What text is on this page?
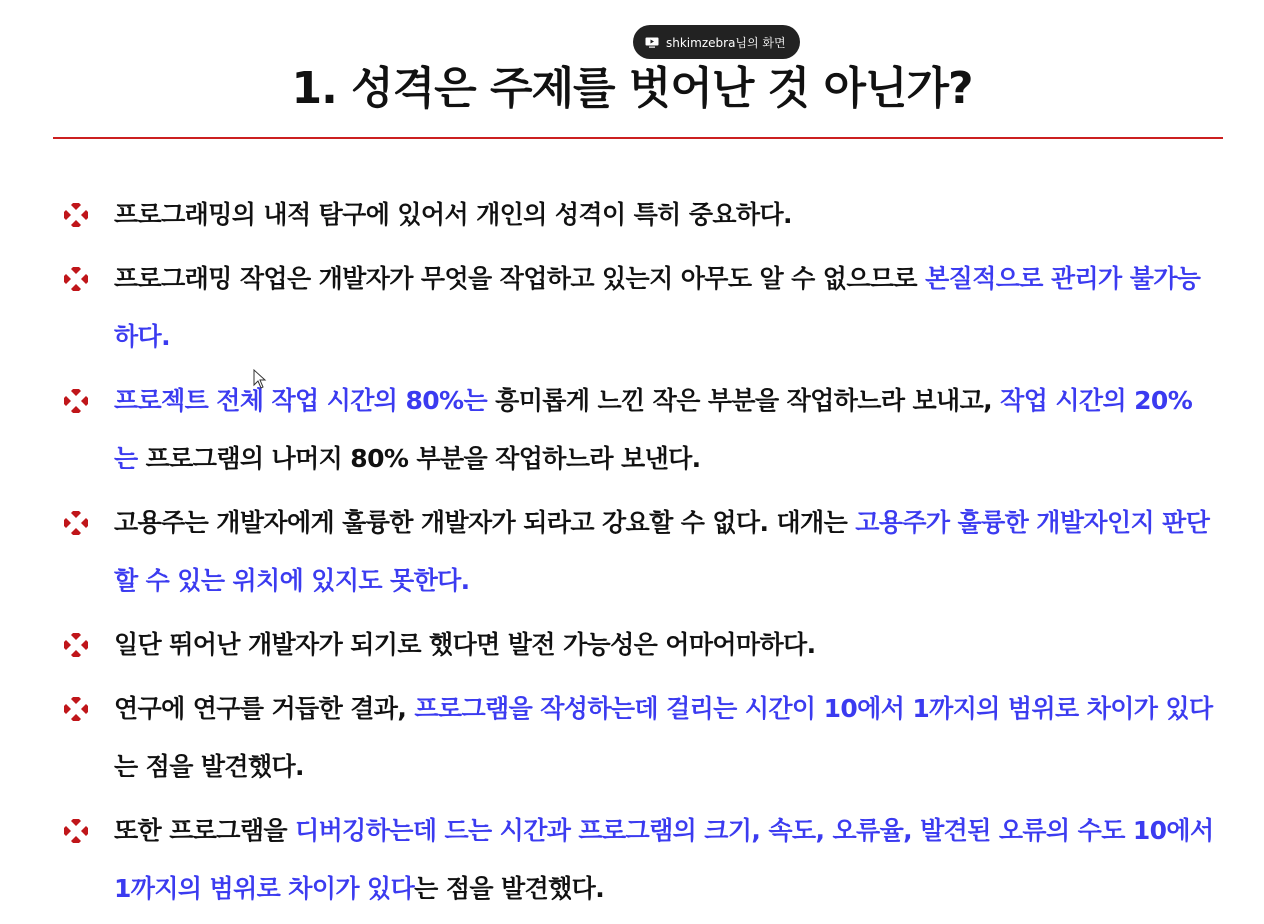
shkimzebra님의 화면
1. 성격은 주제를 벗어난 것 아닌가?
프로그래밍의 내적 탐구에 있어서 개인의 성격이 특히 중요하다.
프로그래밍 작업은 개발자가 무엇을 작업하고 있는지 아무도 알 수 없으므로 본질적으로 관리가 불가능하다.
프로젝트 전체 작업 시간의 80%는 흥미롭게 느낀 작은 부분을 작업하느라 보내고, 작업 시간의 20%는 프로그램의 나머지 80% 부분을 작업하느라 보낸다.
고용주는 개발자에게 훌륭한 개발자가 되라고 강요할 수 없다. 대개는 고용주가 훌륭한 개발자인지 판단할 수 있는 위치에 있지도 못한다.
일단 뛰어난 개발자가 되기로 했다면 발전 가능성은 어마어마하다.
연구에 연구를 거듭한 결과, 프로그램을 작성하는데 걸리는 시간이 10에서 1까지의 범위로 차이가 있다는 점을 발견했다.
또한 프로그램을 디버깅하는데 드는 시간과 프로그램의 크기, 속도, 오류율, 발견된 오류의 수도 10에서 1까지의 범위로 차이가 있다는 점을 발견했다.
